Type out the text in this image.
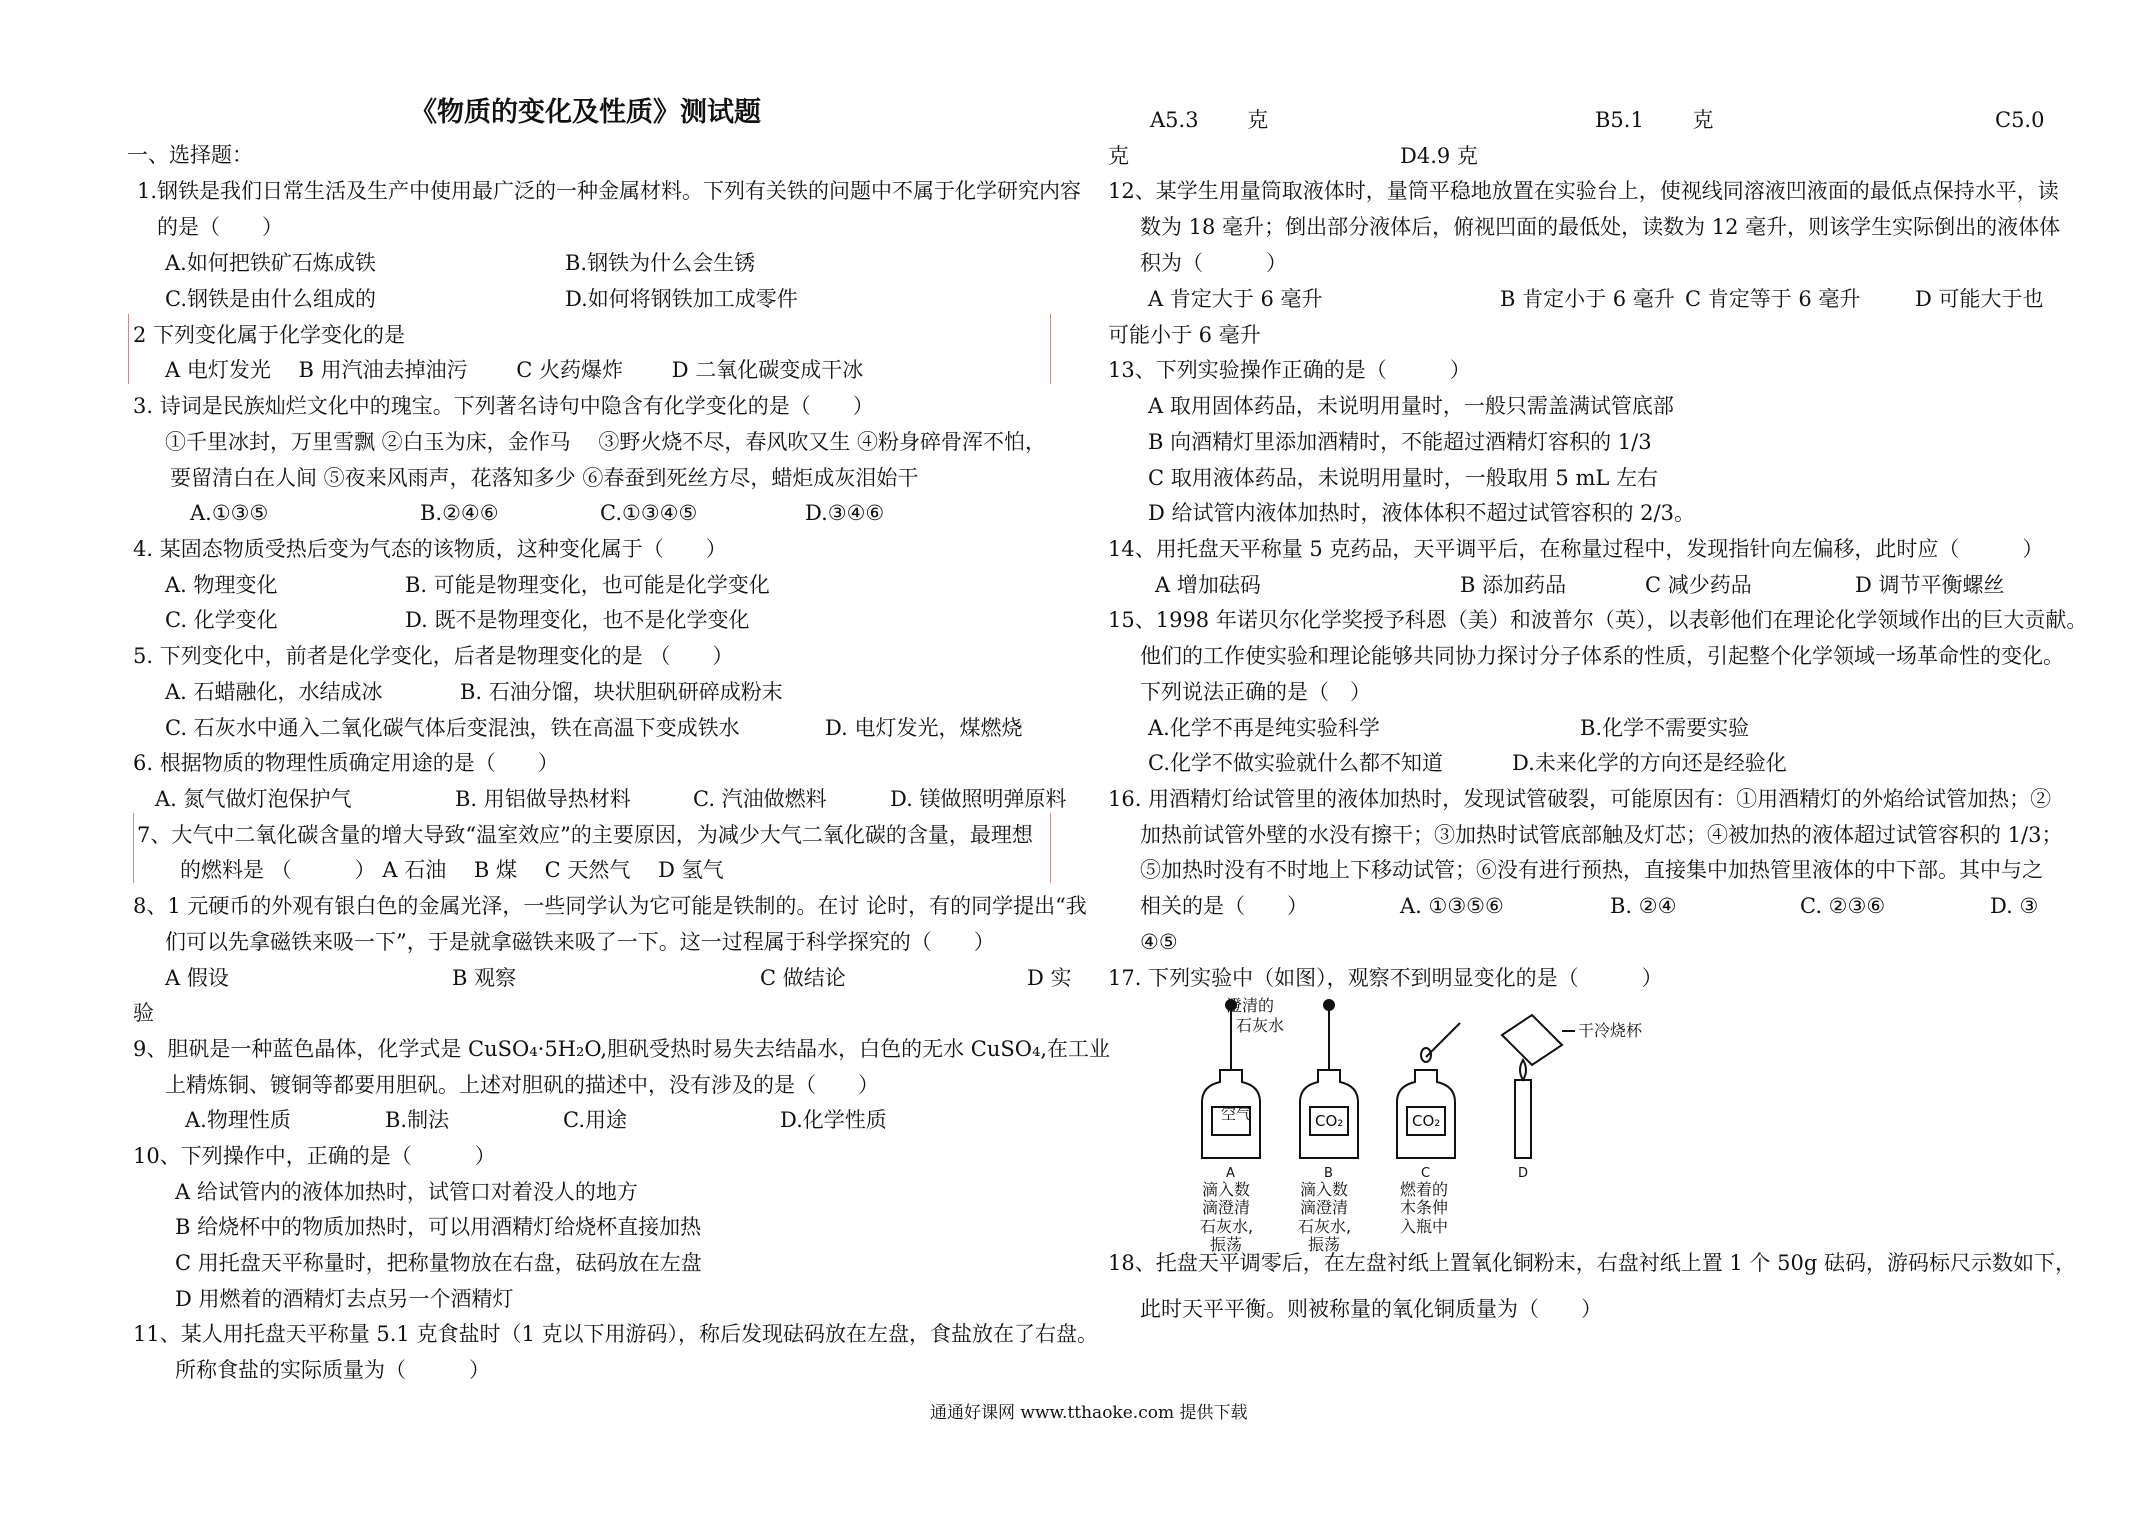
《物质的变化及性质》测试题
一、选择题：
1.钢铁是我们日常生活及生产中使用最广泛的一种金属材料。下列有关铁的问题中不属于化学研究内容
的是（　　）
A.如何把铁矿石炼成铁	B.钢铁为什么会生锈
C.钢铁是由什么组成的	D.如何将钢铁加工成零件
2 下列变化属于化学变化的是
A 电灯发光　 B 用汽油去掉油污　　 C 火药爆炸　　 D 二氧化碳变成干冰
3. 诗词是民族灿烂文化中的瑰宝。下列著名诗句中隐含有化学变化的是（　　）
①千里冰封，万里雪飘 ②白玉为床，金作马　 ③野火烧不尽，春风吹又生 ④粉身碎骨浑不怕，
要留清白在人间 ⑤夜来风雨声，花落知多少 ⑥春蚕到死丝方尽，蜡炬成灰泪始干
A.①③⑤	B.②④⑥	C.①③④⑤	D.③④⑥
4. 某固态物质受热后变为气态的该物质，这种变化属于（　　）
A. 物理变化	B. 可能是物理变化，也可能是化学变化
C. 化学变化	D. 既不是物理变化，也不是化学变化
5. 下列变化中，前者是化学变化，后者是物理变化的是 （　　）
A. 石蜡融化，水结成冰	B. 石油分馏，块状胆矾研碎成粉末
C. 石灰水中通入二氧化碳气体后变混浊，铁在高温下变成铁水	D. 电灯发光，煤燃烧
6. 根据物质的物理性质确定用途的是（　　）
A. 氮气做灯泡保护气	B. 用铝做导热材料	C. 汽油做燃料	D. 镁做照明弹原料
7、大气中二氧化碳含量的增大导致“温室效应”的主要原因，为减少大气二氧化碳的含量，最理想
的燃料是 （　　　） A 石油　 B 煤　 C 天然气　 D 氢气
8、1 元硬币的外观有银白色的金属光泽，一些同学认为它可能是铁制的。在讨 论时，有的同学提出“我
们可以先拿磁铁来吸一下”，于是就拿磁铁来吸了一下。这一过程属于科学探究的（　　）
A 假设	B 观察	C 做结论	D 实
验
9、胆矾是一种蓝色晶体，化学式是 CuSO₄·5H₂O,胆矾受热时易失去结晶水，白色的无水 CuSO₄,在工业
上精炼铜、镀铜等都要用胆矾。上述对胆矾的描述中，没有涉及的是（　　）
A.物理性质	B.制法	C.用途	D.化学性质
10、下列操作中，正确的是（　　　）
A 给试管内的液体加热时，试管口对着没人的地方
B 给烧杯中的物质加热时，可以用酒精灯给烧杯直接加热
C 用托盘天平称量时，把称量物放在右盘，砝码放在左盘
D 用燃着的酒精灯去点另一个酒精灯
11、某人用托盘天平称量 5.1 克食盐时（1 克以下用游码），称后发现砝码放在左盘，食盐放在了右盘。
所称食盐的实际质量为（　　　）
A5.3　　 克	B5.1　　 克	C5.0
克	D4.9 克
12、某学生用量筒取液体时，量筒平稳地放置在实验台上，使视线同溶液凹液面的最低点保持水平，读
数为 18 毫升；倒出部分液体后，俯视凹面的最低处，读数为 12 毫升，则该学生实际倒出的液体体
积为（　　　）
A 肯定大于 6 毫升	B 肯定小于 6 毫升 C 肯定等于 6 毫升	D 可能大于也
可能小于 6 毫升
13、下列实验操作正确的是（　　　）
A 取用固体药品，未说明用量时，一般只需盖满试管底部
B 向酒精灯里添加酒精时，不能超过酒精灯容积的 1/3
C 取用液体药品，未说明用量时，一般取用 5 mL 左右
D 给试管内液体加热时，液体体积不超过试管容积的 2/3。
14、用托盘天平称量 5 克药品，天平调平后，在称量过程中，发现指针向左偏移，此时应（　　　）
A 增加砝码	B 添加药品	C 减少药品	D 调节平衡螺丝
15、1998 年诺贝尔化学奖授予科恩（美）和波普尔（英），以表彰他们在理论化学领域作出的巨大贡献。
他们的工作使实验和理论能够共同协力探讨分子体系的性质，引起整个化学领域一场革命性的变化。
下列说法正确的是（　）
A.化学不再是纯实验科学	B.化学不需要实验
C.化学不做实验就什么都不知道	D.未来化学的方向还是经验化
16. 用酒精灯给试管里的液体加热时，发现试管破裂，可能原因有：①用酒精灯的外焰给试管加热；②
加热前试管外壁的水没有擦干；③加热时试管底部触及灯芯；④被加热的液体超过试管容积的 1/3；
⑤加热时没有不时地上下移动试管；⑥没有进行预热，直接集中加热管里液体的中下部。其中与之
相关的是（　　）	A. ①③⑤⑥	B. ②④	C. ②③⑥	D. ③
④⑤
17. 下列实验中（如图），观察不到明显变化的是（　　　）
澄清的
石灰水	干冷烧杯
空气	CO₂	CO₂
A	B	C	D
滴入数
滴澄清
滴入数
滴澄清
燃着的
木条伸
石灰水,
振荡
石灰水,
振荡
入瓶中
18、托盘天平调零后，在左盘衬纸上置氧化铜粉末，右盘衬纸上置 1 个 50g 砝码，游码标尺示数如下，
此时天平平衡。则被称量的氧化铜质量为（　　）
通通好课网 www.tthaoke.com 提供下载
